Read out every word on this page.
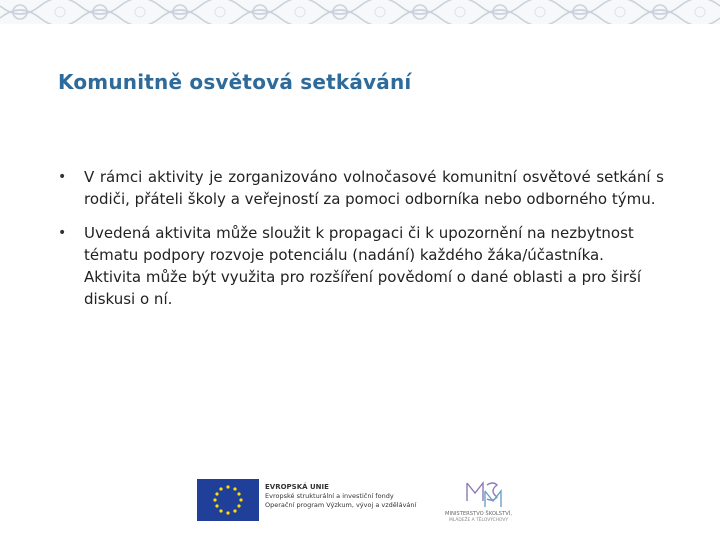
Komunitně osvětová setkávání
• V rámci aktivity je zorganizováno volnočasové komunitní osvětové setkání s rodiči, přáteli školy a veřejností za pomoci odborníka nebo odborného týmu.
• Uvedená aktivita může sloužit k propagaci či k upozornění na nezbytnost tématu podpory rozvoje potenciálu (nadání) každého žáka/účastníka. Aktivita může být využita pro rozšíření povědomí o dané oblasti a pro širší diskusi o ní.
EVROPSKÁ UNIE
Evropské strukturální a investiční fondy
Operační program Výzkum, vývoj a vzdělávání
MINISTERSTVO ŠKOLSTVÍ,
MLÁDEŽE A TĚLOVÝCHOVY
